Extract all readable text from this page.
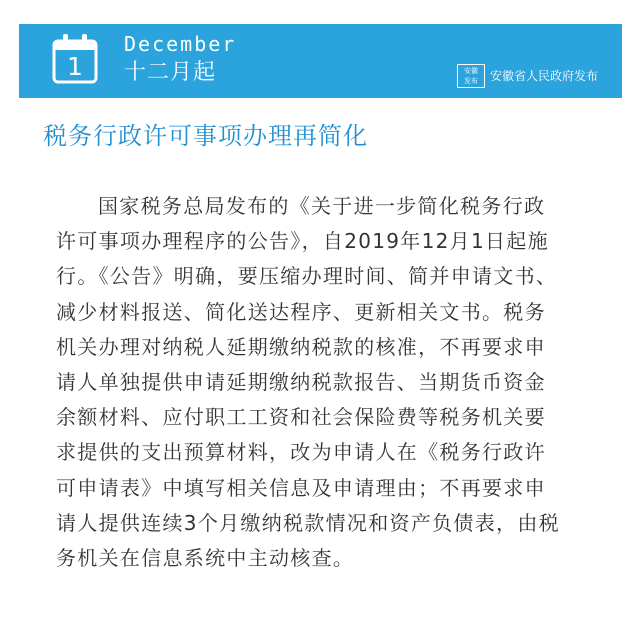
1
December
十二月起	安徽
发布	安徽省人民政府发布
税务行政许可事项办理再简化

国家税务总局发布的《关于进一步简化税务行政
许可事项办理程序的公告》，自2019年12月1日起施
行。《公告》明确，要压缩办理时间、简并申请文书、
减少材料报送、简化送达程序、更新相关文书。税务
机关办理对纳税人延期缴纳税款的核准，不再要求申
请人单独提供申请延期缴纳税款报告、当期货币资金
余额材料、应付职工工资和社会保险费等税务机关要
求提供的支出预算材料，改为申请人在《税务行政许
可申请表》中填写相关信息及申请理由；不再要求申
请人提供连续3个月缴纳税款情况和资产负债表，由税
务机关在信息系统中主动核查。
